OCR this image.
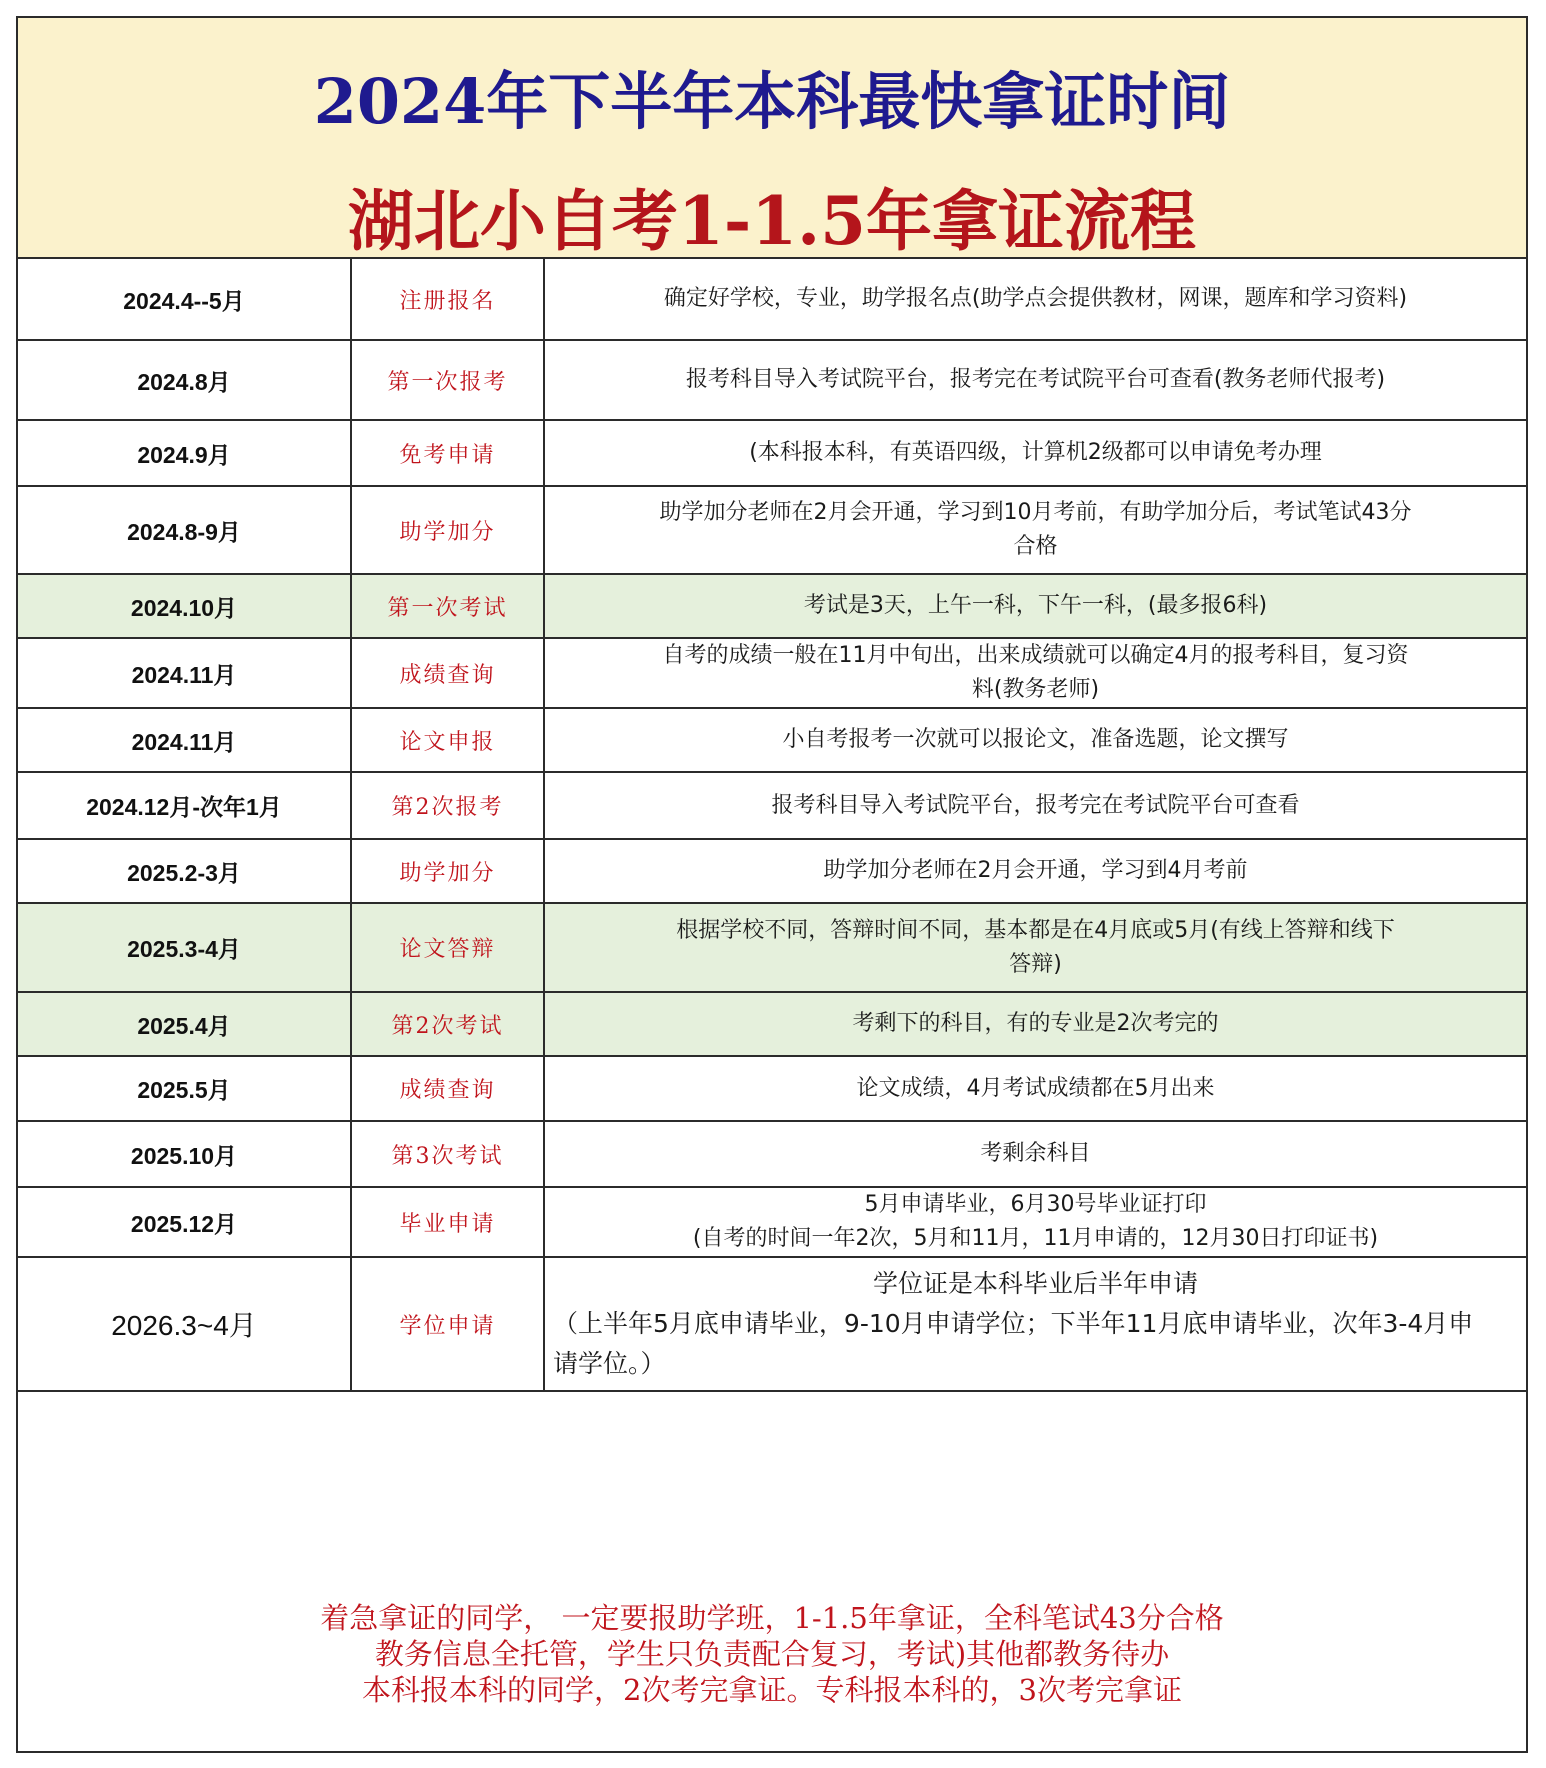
2024年下半年本科最快拿证时间
湖北小自考1-1.5年拿证流程
2024.4--5月	注册报名	确定好学校，专业，助学报名点(助学点会提供教材，网课，题库和学习资料)
2024.8月	第一次报考	报考科目导入考试院平台，报考完在考试院平台可查看(教务老师代报考)
2024.9月	免考申请	(本科报本科，有英语四级，计算机2级都可以申请免考办理
2024.8-9月	助学加分	助学加分老师在2月会开通，学习到10月考前，有助学加分后，考试笔试43分
合格
2024.10月	第一次考试	考试是3天，上午一科，下午一科，(最多报6科)
2024.11月	成绩查询	自考的成绩一般在11月中旬出，出来成绩就可以确定4月的报考科目，复习资
料(教务老师)
2024.11月	论文申报	小自考报考一次就可以报论文，准备选题，论文撰写
2024.12月-次年1月	第2次报考	报考科目导入考试院平台，报考完在考试院平台可查看
2025.2-3月	助学加分	助学加分老师在2月会开通，学习到4月考前
2025.3-4月	论文答辩	根据学校不同，答辩时间不同，基本都是在4月底或5月(有线上答辩和线下
答辩)
2025.4月	第2次考试	考剩下的科目，有的专业是2次考完的
2025.5月	成绩查询	论文成绩，4月考试成绩都在5月出来
2025.10月	第3次考试	考剩余科目
2025.12月	毕业申请	5月申请毕业，6月30号毕业证打印
(自考的时间一年2次，5月和11月，11月申请的，12月30日打印证书)
2026.3~4月	学位申请	学位证是本科毕业后半年申请
（上半年5月底申请毕业，9-10月申请学位；下半年11月底申请毕业，次年3-4月申
请学位。）
着急拿证的同学， 一定要报助学班，1-1.5年拿证，全科笔试43分合格
教务信息全托管，学生只负责配合复习，考试)其他都教务待办
本科报本科的同学，2次考完拿证。专科报本科的，3次考完拿证
